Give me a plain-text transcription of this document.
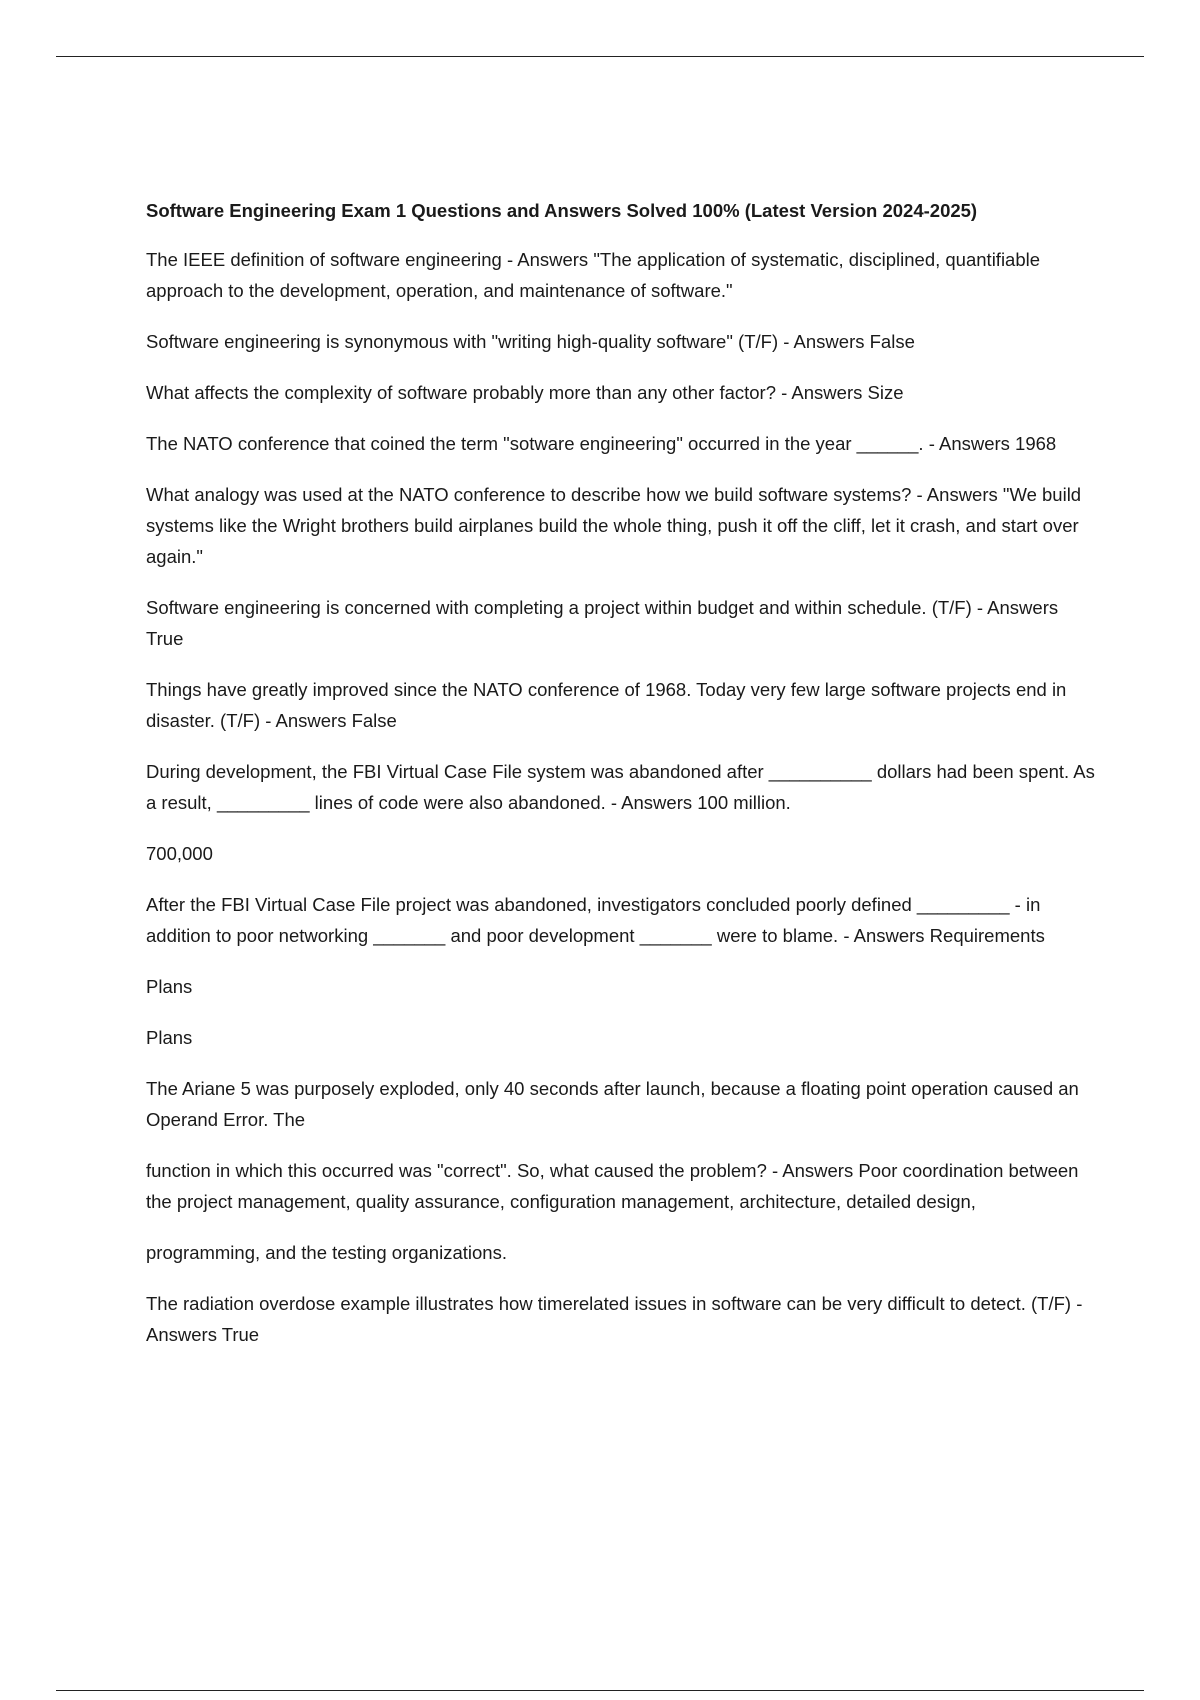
Software Engineering Exam 1 Questions and Answers Solved 100% (Latest Version 2024-2025)

The IEEE definition of software engineering - Answers "The application of systematic, disciplined, quantifiable approach to the development, operation, and maintenance of software."

Software engineering is synonymous with "writing high-quality software" (T/F) - Answers False

What affects the complexity of software probably more than any other factor? - Answers Size

The NATO conference that coined the term "sotware engineering" occurred in the year ______. - Answers 1968

What analogy was used at the NATO conference to describe how we build software systems? - Answers "We build systems like the Wright brothers build airplanes build the whole thing, push it off the cliff, let it crash, and start over again."

Software engineering is concerned with completing a project within budget and within schedule. (T/F) - Answers True

Things have greatly improved since the NATO conference of 1968. Today very few large software projects end in disaster. (T/F) - Answers False

During development, the FBI Virtual Case File system was abandoned after __________ dollars had been spent. As a result, _________ lines of code were also abandoned. - Answers 100 million.

700,000

After the FBI Virtual Case File project was abandoned, investigators concluded poorly defined _________ - in addition to poor networking _______ and poor development _______ were to blame. - Answers Requirements

Plans

Plans

The Ariane 5 was purposely exploded, only 40 seconds after launch, because a floating point operation caused an Operand Error. The

function in which this occurred was "correct". So, what caused the problem? - Answers Poor coordination between the project management, quality assurance, configuration management, architecture, detailed design,

programming, and the testing organizations.

The radiation overdose example illustrates how timerelated issues in software can be very difficult to detect. (T/F) - Answers True
